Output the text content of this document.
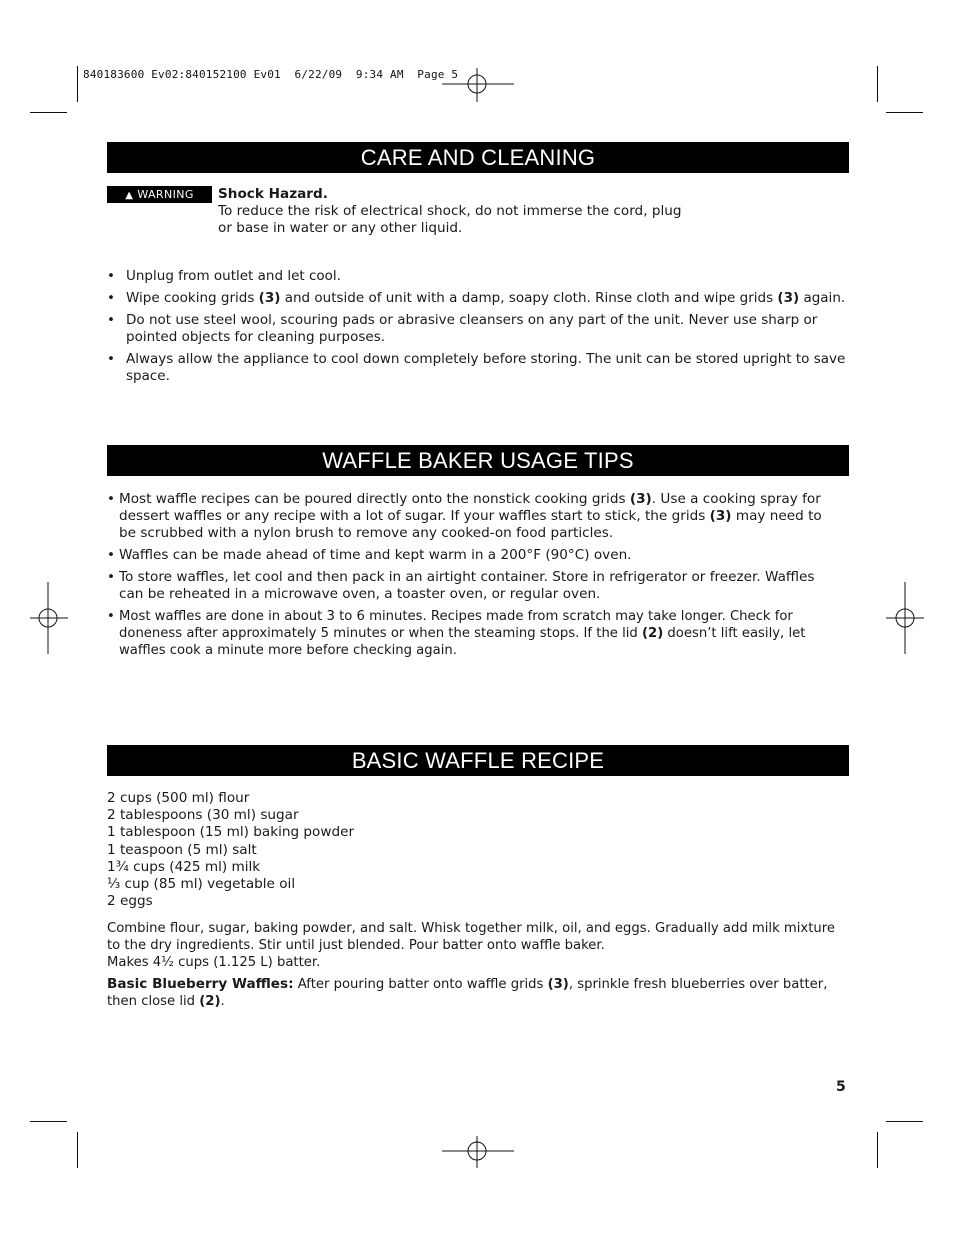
840183600 Ev02:840152100 Ev01  6/22/09  9:34 AM  Page 5
CARE AND CLEANING
▲ WARNING	Shock Hazard.
To reduce the risk of electrical shock, do not immerse the cord, plug
or base in water or any other liquid.
• Unplug from outlet and let cool.
• Wipe cooking grids (3) and outside of unit with a damp, soapy cloth. Rinse cloth and wipe grids (3) again.
• Do not use steel wool, scouring pads or abrasive cleansers on any part of the unit. Never use sharp or pointed objects for cleaning purposes.
• Always allow the appliance to cool down completely before storing. The unit can be stored upright to save space.
WAFFLE BAKER USAGE TIPS
• Most waffle recipes can be poured directly onto the nonstick cooking grids (3). Use a cooking spray for dessert waffles or any recipe with a lot of sugar. If your waffles start to stick, the grids (3) may need to be scrubbed with a nylon brush to remove any cooked-on food particles.
• Waffles can be made ahead of time and kept warm in a 200°F (90°C) oven.
• To store waffles, let cool and then pack in an airtight container. Store in refrigerator or freezer. Waffles can be reheated in a microwave oven, a toaster oven, or regular oven.
• Most waffles are done in about 3 to 6 minutes. Recipes made from scratch may take longer. Check for doneness after approximately 5 minutes or when the steaming stops. If the lid (2) doesn’t lift easily, let waffles cook a minute more before checking again.
BASIC WAFFLE RECIPE
2 cups (500 ml) flour
2 tablespoons (30 ml) sugar
1 tablespoon (15 ml) baking powder
1 teaspoon (5 ml) salt
1³⁄₄ cups (425 ml) milk
¹⁄₃ cup (85 ml) vegetable oil
2 eggs
Combine flour, sugar, baking powder, and salt. Whisk together milk, oil, and eggs. Gradually add milk mixture to the dry ingredients. Stir until just blended. Pour batter onto waffle baker.
Makes 4¹⁄₂ cups (1.125 L) batter.
Basic Blueberry Waffles: After pouring batter onto waffle grids (3), sprinkle fresh blueberries over batter, then close lid (2).
5
